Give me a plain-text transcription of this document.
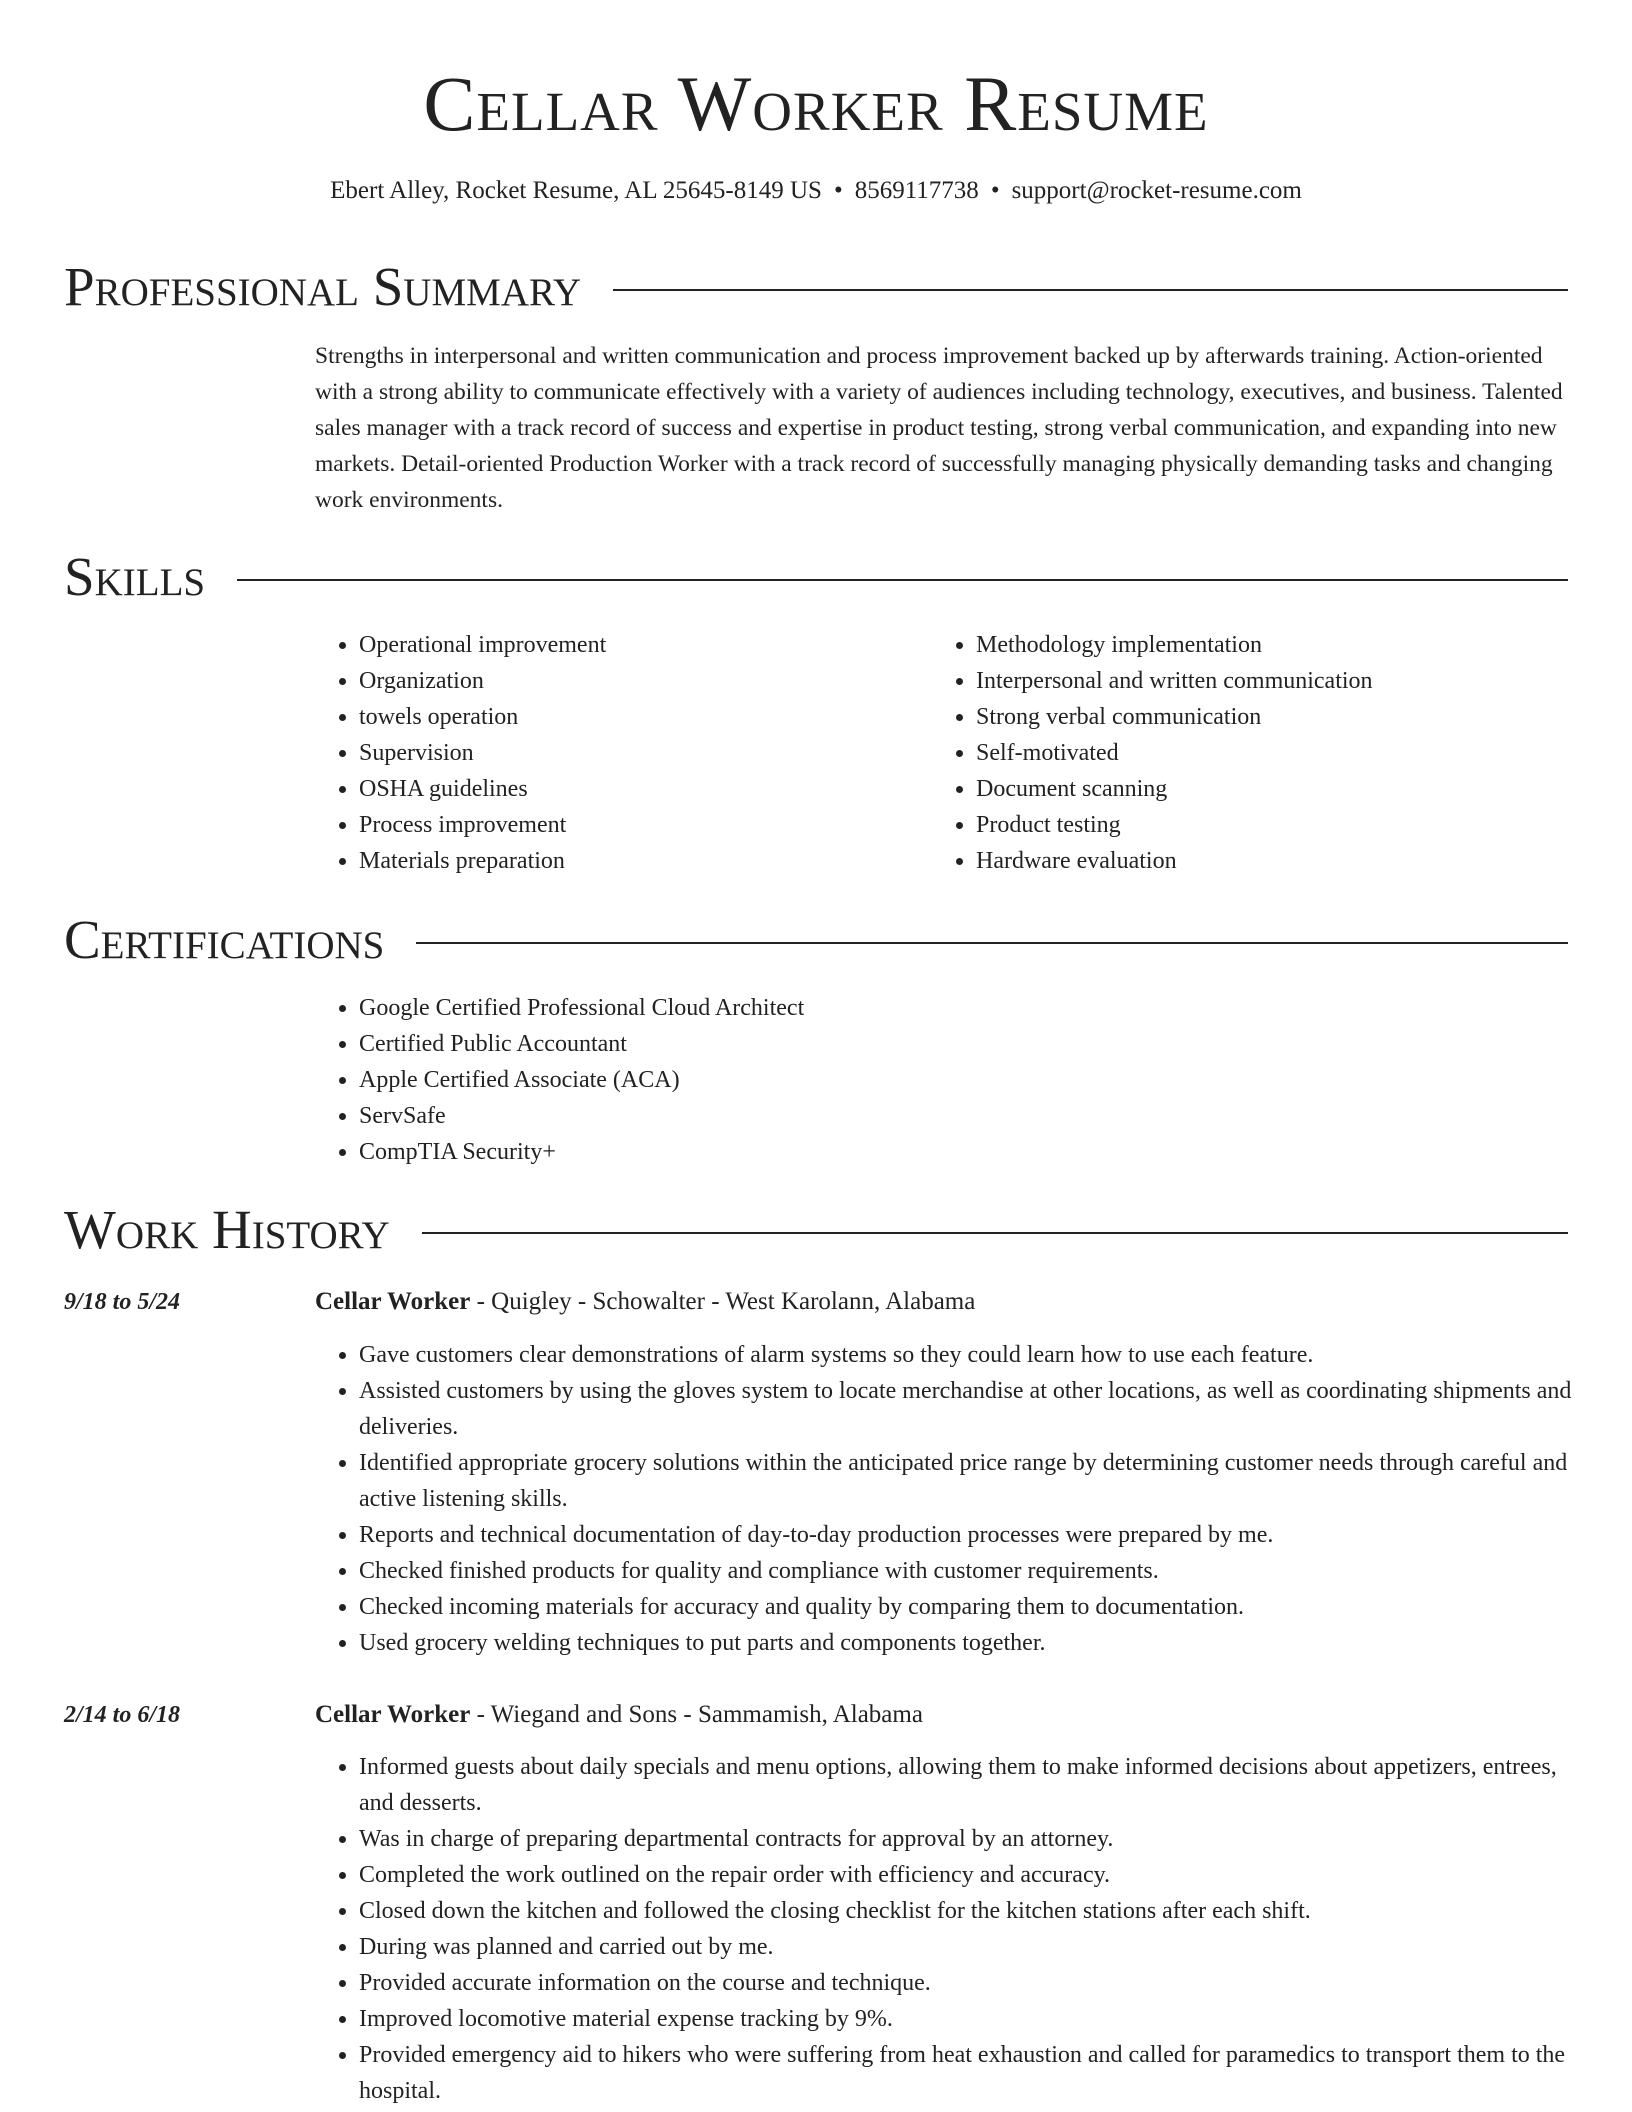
Cellar Worker Resume
Ebert Alley, Rocket Resume, AL 25645-8149 US • 8569117738 • support@rocket-resume.com
Professional Summary

Strengths in interpersonal and written communication and process improvement backed up by afterwards training. Action-oriented with a strong ability to communicate effectively with a variety of audiences including technology, executives, and business. Talented sales manager with a track record of success and expertise in product testing, strong verbal communication, and expanding into new markets. Detail-oriented Production Worker with a track record of successfully managing physically demanding tasks and changing work environments.

Skills
• Operational improvement
• Organization
• towels operation
• Supervision
• OSHA guidelines
• Process improvement
• Materials preparation
• Methodology implementation
• Interpersonal and written communication
• Strong verbal communication
• Self-motivated
• Document scanning
• Product testing
• Hardware evaluation
Certifications
• Google Certified Professional Cloud Architect
• Certified Public Accountant
• Apple Certified Associate (ACA)
• ServSafe
• CompTIA Security+
Work History
9/18 to 5/24	Cellar Worker - Quigley - Schowalter - West Karolann, Alabama
• Gave customers clear demonstrations of alarm systems so they could learn how to use each feature.
• Assisted customers by using the gloves system to locate merchandise at other locations, as well as coordinating shipments and deliveries.
• Identified appropriate grocery solutions within the anticipated price range by determining customer needs through careful and active listening skills.
• Reports and technical documentation of day-to-day production processes were prepared by me.
• Checked finished products for quality and compliance with customer requirements.
• Checked incoming materials for accuracy and quality by comparing them to documentation.
• Used grocery welding techniques to put parts and components together.
2/14 to 6/18	Cellar Worker - Wiegand and Sons - Sammamish, Alabama
• Informed guests about daily specials and menu options, allowing them to make informed decisions about appetizers, entrees, and desserts.
• Was in charge of preparing departmental contracts for approval by an attorney.
• Completed the work outlined on the repair order with efficiency and accuracy.
• Closed down the kitchen and followed the closing checklist for the kitchen stations after each shift.
• During was planned and carried out by me.
• Provided accurate information on the course and technique.
• Improved locomotive material expense tracking by 9%.
• Provided emergency aid to hikers who were suffering from heat exhaustion and called for paramedics to transport them to the hospital.
